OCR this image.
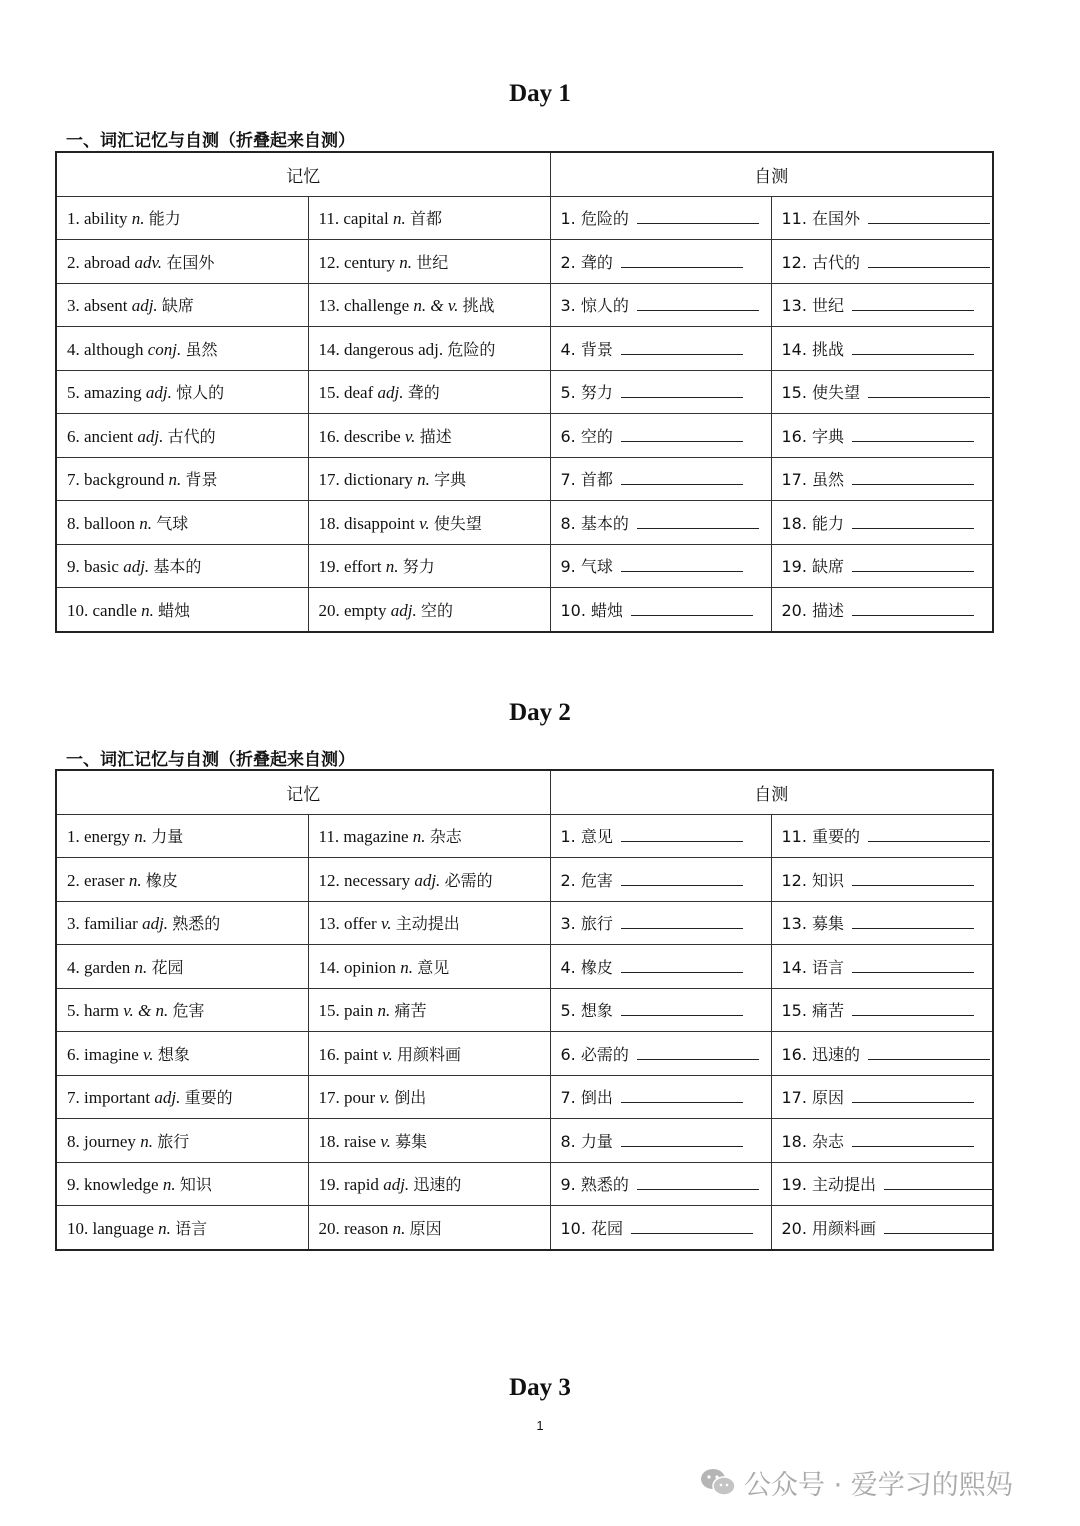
Day 1
一、词汇记忆与自测（折叠起来自测）
记忆		自测	
1. ability n. 能力	11. capital n. 首都	1. 危险的	11. 在国外
2. abroad adv. 在国外	12. century n. 世纪	2. 聋的	12. 古代的
3. absent adj. 缺席	13. challenge n. & v. 挑战	3. 惊人的	13. 世纪
4. although conj. 虽然	14. dangerous adj. 危险的	4. 背景	14. 挑战
5. amazing adj. 惊人的	15. deaf adj. 聋的	5. 努力	15. 使失望
6. ancient adj. 古代的	16. describe v. 描述	6. 空的	16. 字典
7. background n. 背景	17. dictionary n. 字典	7. 首都	17. 虽然
8. balloon n. 气球	18. disappoint v. 使失望	8. 基本的	18. 能力
9. basic adj. 基本的	19. effort n. 努力	9. 气球	19. 缺席
10. candle n. 蜡烛	20. empty adj. 空的	10. 蜡烛	20. 描述
Day 2
一、词汇记忆与自测（折叠起来自测）
记忆		自测	
1. energy n. 力量	11. magazine n. 杂志	1. 意见	11. 重要的
2. eraser n. 橡皮	12. necessary adj. 必需的	2. 危害	12. 知识
3. familiar adj. 熟悉的	13. offer v. 主动提出	3. 旅行	13. 募集
4. garden n. 花园	14. opinion n. 意见	4. 橡皮	14. 语言
5. harm v. & n. 危害	15. pain n. 痛苦	5. 想象	15. 痛苦
6. imagine v. 想象	16. paint v. 用颜料画	6. 必需的	16. 迅速的
7. important adj. 重要的	17. pour v. 倒出	7. 倒出	17. 原因
8. journey n. 旅行	18. raise v. 募集	8. 力量	18. 杂志
9. knowledge n. 知识	19. rapid adj. 迅速的	9. 熟悉的	19. 主动提出
10. language n. 语言	20. reason n. 原因	10. 花园	20. 用颜料画
Day 3
1
公众号 · 爱学习的熙妈
